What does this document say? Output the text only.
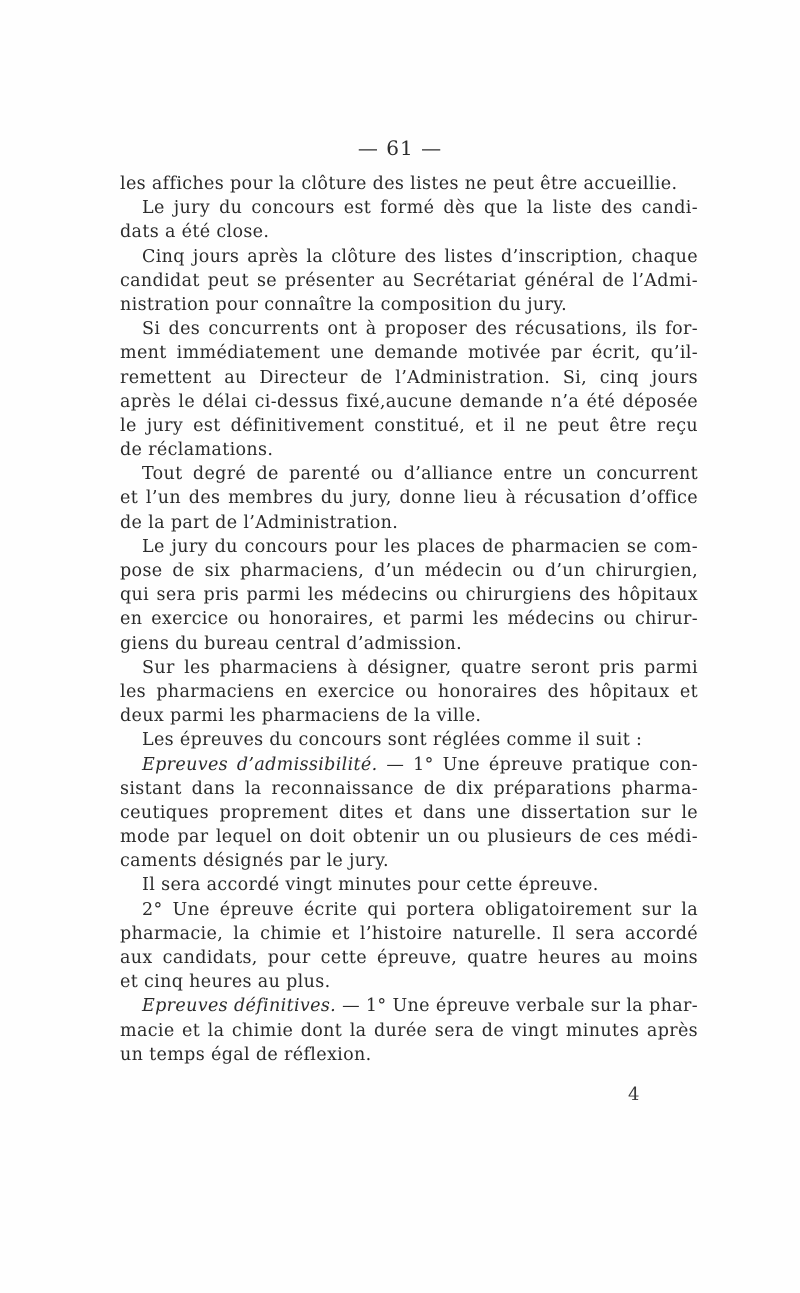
— 61 —
les affiches pour la clôture des listes ne peut être accueillie.
Le jury du concours est formé dès que la liste des candi-
dats a été close.
Cinq jours après la clôture des listes d’inscription, chaque
candidat peut se présenter au Secrétariat général de l’Admi-
nistration pour connaître la composition du jury.
Si des concurrents ont à proposer des récusations, ils for-
ment immédiatement une demande motivée par écrit, qu’il-
remettent au Directeur de l’Administration. Si, cinq jours
après le délai ci-dessus fixé,aucune demande n’a été déposée
le jury est définitivement constitué, et il ne peut être reçu
de réclamations.
Tout degré de parenté ou d’alliance entre un concurrent
et l’un des membres du jury, donne lieu à récusation d’office
de la part de l’Administration.
Le jury du concours pour les places de pharmacien se com-
pose de six pharmaciens, d’un médecin ou d’un chirurgien,
qui sera pris parmi les médecins ou chirurgiens des hôpitaux
en exercice ou honoraires, et parmi les médecins ou chirur-
giens du bureau central d’admission.
Sur les pharmaciens à désigner, quatre seront pris parmi
les pharmaciens en exercice ou honoraires des hôpitaux et
deux parmi les pharmaciens de la ville.
Les épreuves du concours sont réglées comme il suit :
Epreuves d’admissibilité. — 1° Une épreuve pratique con-
sistant dans la reconnaissance de dix préparations pharma-
ceutiques proprement dites et dans une dissertation sur le
mode par lequel on doit obtenir un ou plusieurs de ces médi-
caments désignés par le jury.
Il sera accordé vingt minutes pour cette épreuve.
2° Une épreuve écrite qui portera obligatoirement sur la
pharmacie, la chimie et l’histoire naturelle. Il sera accordé
aux candidats, pour cette épreuve, quatre heures au moins
et cinq heures au plus.
Epreuves définitives. — 1° Une épreuve verbale sur la phar-
macie et la chimie dont la durée sera de vingt minutes après
un temps égal de réflexion.
4
